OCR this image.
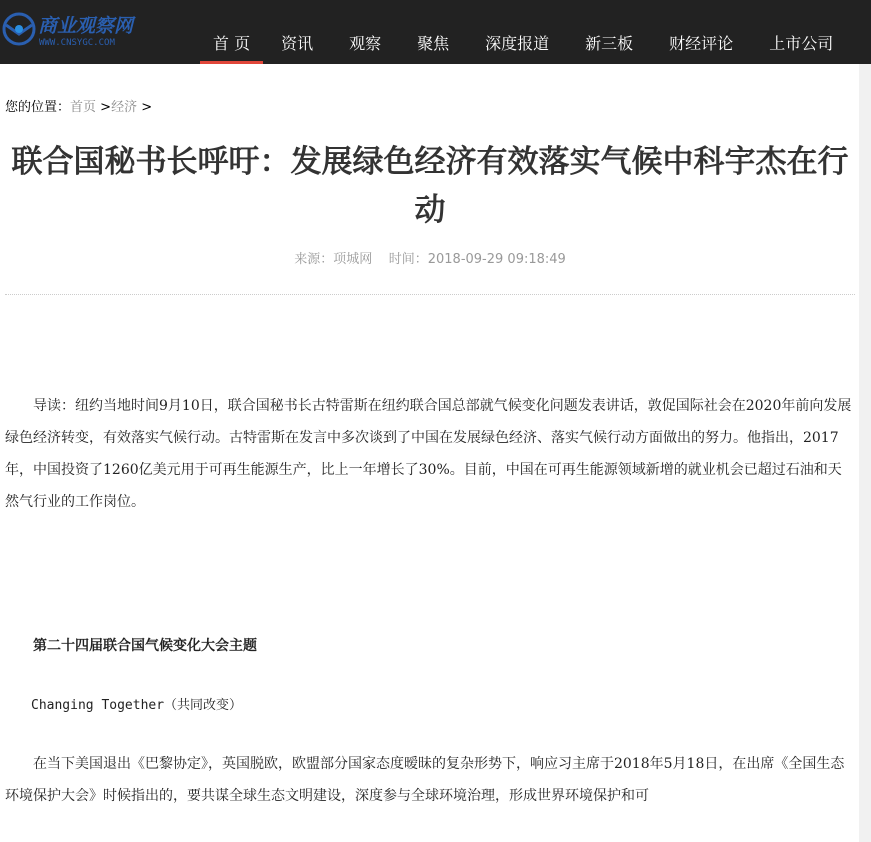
商业观察网
WWW.CNSYGC.COM	首 页	资讯	观察	聚焦	深度报道	新三板	财经评论	上市公司
您的位置：首页 >经济 >
联合国秘书长呼吁：发展绿色经济有效落实气候中科宇杰在行动
来源：项城网 时间：2018-09-29 09:18:49

导读：纽约当地时间9月10日，联合国秘书长古特雷斯在纽约联合国总部就气候变化问题发表讲话，敦促国际社会在2020年前向发展绿色经济转变，有效落实气候行动。古特雷斯在发言中多次谈到了中国在发展绿色经济、落实气候行动方面做出的努力。他指出，2017年，中国投资了1260亿美元用于可再生能源生产，比上一年增长了30%。目前，中国在可再生能源领域新增的就业机会已超过石油和天然气行业的工作岗位。

第二十四届联合国气候变化大会主题

Changing Together（共同改变）

在当下美国退出《巴黎协定》，英国脱欧，欧盟部分国家态度暧昧的复杂形势下，响应习主席于2018年5月18日，在出席《全国生态环境保护大会》时候指出的，要共谋全球生态文明建设，深度参与全球环境治理，形成世界环境保护和可
